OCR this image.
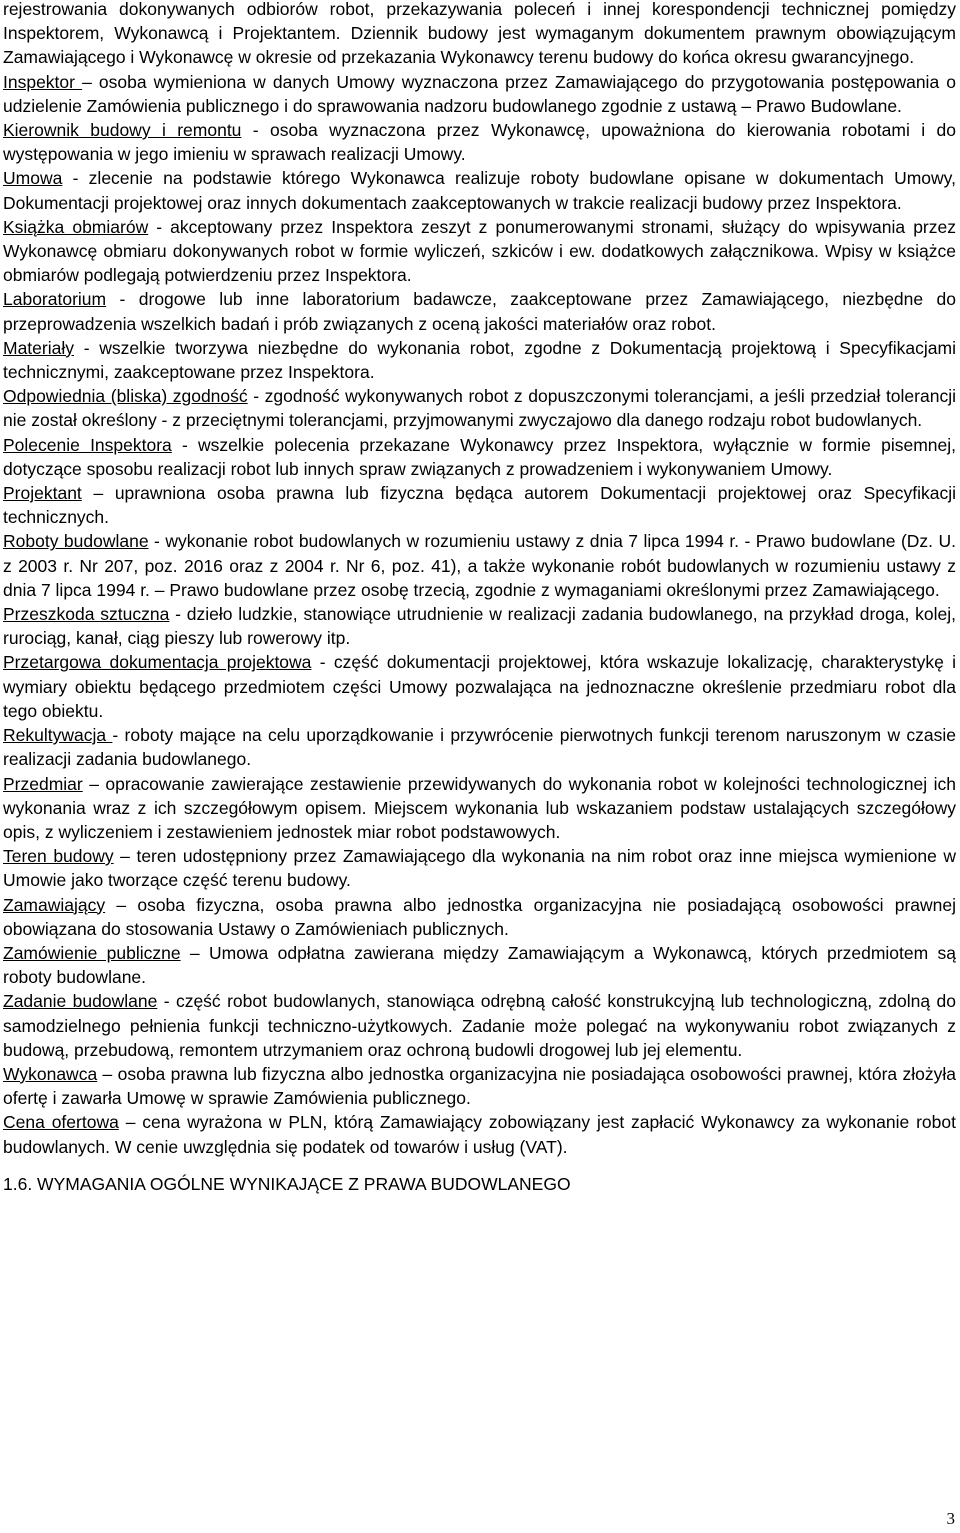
rejestrowania dokonywanych odbiorów robot, przekazywania poleceń i innej korespondencji technicznej pomiędzy Inspektorem, Wykonawcą i Projektantem. Dziennik budowy jest wymaganym dokumentem prawnym obowiązującym Zamawiającego i Wykonawcę w okresie od przekazania Wykonawcy terenu budowy do końca okresu gwarancyjnego.

Inspektor – osoba wymieniona w danych Umowy wyznaczona przez Zamawiającego do przygotowania postępowania o udzielenie Zamówienia publicznego i do sprawowania nadzoru budowlanego zgodnie z ustawą – Prawo Budowlane.

Kierownik budowy i remontu - osoba wyznaczona przez Wykonawcę, upoważniona do kierowania robotami i do występowania w jego imieniu w sprawach realizacji Umowy.

Umowa - zlecenie na podstawie którego Wykonawca realizuje roboty budowlane opisane w dokumentach Umowy, Dokumentacji projektowej oraz innych dokumentach zaakceptowanych w trakcie realizacji budowy przez Inspektora.

Książka obmiarów - akceptowany przez Inspektora zeszyt z ponumerowanymi stronami, służący do wpisywania przez Wykonawcę obmiaru dokonywanych robot w formie wyliczeń, szkiców i ew. dodatkowych załącznikowa. Wpisy w książce obmiarów podlegają potwierdzeniu przez Inspektora.

Laboratorium - drogowe lub inne laboratorium badawcze, zaakceptowane przez Zamawiającego, niezbędne do przeprowadzenia wszelkich badań i prób związanych z oceną jakości materiałów oraz robot.

Materiały - wszelkie tworzywa niezbędne do wykonania robot, zgodne z Dokumentacją projektową i Specyfikacjami technicznymi, zaakceptowane przez Inspektora.

Odpowiednia (bliska) zgodność - zgodność wykonywanych robot z dopuszczonymi tolerancjami, a jeśli przedział tolerancji nie został określony - z przeciętnymi tolerancjami, przyjmowanymi zwyczajowo dla danego rodzaju robot budowlanych.

Polecenie Inspektora - wszelkie polecenia przekazane Wykonawcy przez Inspektora, wyłącznie w formie pisemnej, dotyczące sposobu realizacji robot lub innych spraw związanych z prowadzeniem i wykonywaniem Umowy.

Projektant – uprawniona osoba prawna lub fizyczna będąca autorem Dokumentacji projektowej oraz Specyfikacji technicznych.

Roboty budowlane - wykonanie robot budowlanych w rozumieniu ustawy z dnia 7 lipca 1994 r. - Prawo budowlane (Dz. U. z 2003 r. Nr 207, poz. 2016 oraz z 2004 r. Nr 6, poz. 41), a także wykonanie robót budowlanych w rozumieniu ustawy z dnia 7 lipca 1994 r. – Prawo budowlane przez osobę trzecią, zgodnie z wymaganiami określonymi przez Zamawiającego.

Przeszkoda sztuczna - dzieło ludzkie, stanowiące utrudnienie w realizacji zadania budowlanego, na przykład droga, kolej, rurociąg, kanał, ciąg pieszy lub rowerowy itp.

Przetargowa dokumentacja projektowa - część dokumentacji projektowej, która wskazuje lokalizację, charakterystykę i wymiary obiektu będącego przedmiotem części Umowy pozwalająca na jednoznaczne określenie przedmiaru robot dla tego obiektu.

Rekultywacja - roboty mające na celu uporządkowanie i przywrócenie pierwotnych funkcji terenom naruszonym w czasie realizacji zadania budowlanego.

Przedmiar – opracowanie zawierające zestawienie przewidywanych do wykonania robot w kolejności technologicznej ich wykonania wraz z ich szczegółowym opisem. Miejscem wykonania lub wskazaniem podstaw ustalających szczegółowy opis, z wyliczeniem i zestawieniem jednostek miar robot podstawowych.

Teren budowy – teren udostępniony przez Zamawiającego dla wykonania na nim robot oraz inne miejsca wymienione w Umowie jako tworzące część terenu budowy.

Zamawiający – osoba fizyczna, osoba prawna albo jednostka organizacyjna nie posiadającą osobowości prawnej obowiązana do stosowania Ustawy o Zamówieniach publicznych.

Zamówienie publiczne – Umowa odpłatna zawierana między Zamawiającym a Wykonawcą, których przedmiotem są roboty budowlane.

Zadanie budowlane - część robot budowlanych, stanowiąca odrębną całość konstrukcyjną lub technologiczną, zdolną do samodzielnego pełnienia funkcji techniczno-użytkowych. Zadanie może polegać na wykonywaniu robot związanych z budową, przebudową, remontem utrzymaniem oraz ochroną budowli drogowej lub jej elementu.

Wykonawca – osoba prawna lub fizyczna albo jednostka organizacyjna nie posiadająca osobowości prawnej, która złożyła ofertę i zawarła Umowę w sprawie Zamówienia publicznego.

Cena ofertowa – cena wyrażona w PLN, którą Zamawiający zobowiązany jest zapłacić Wykonawcy za wykonanie robot budowlanych. W cenie uwzględnia się podatek od towarów i usług (VAT).

1.6. WYMAGANIA OGÓLNE WYNIKAJĄCE Z PRAWA BUDOWLANEGO

3
